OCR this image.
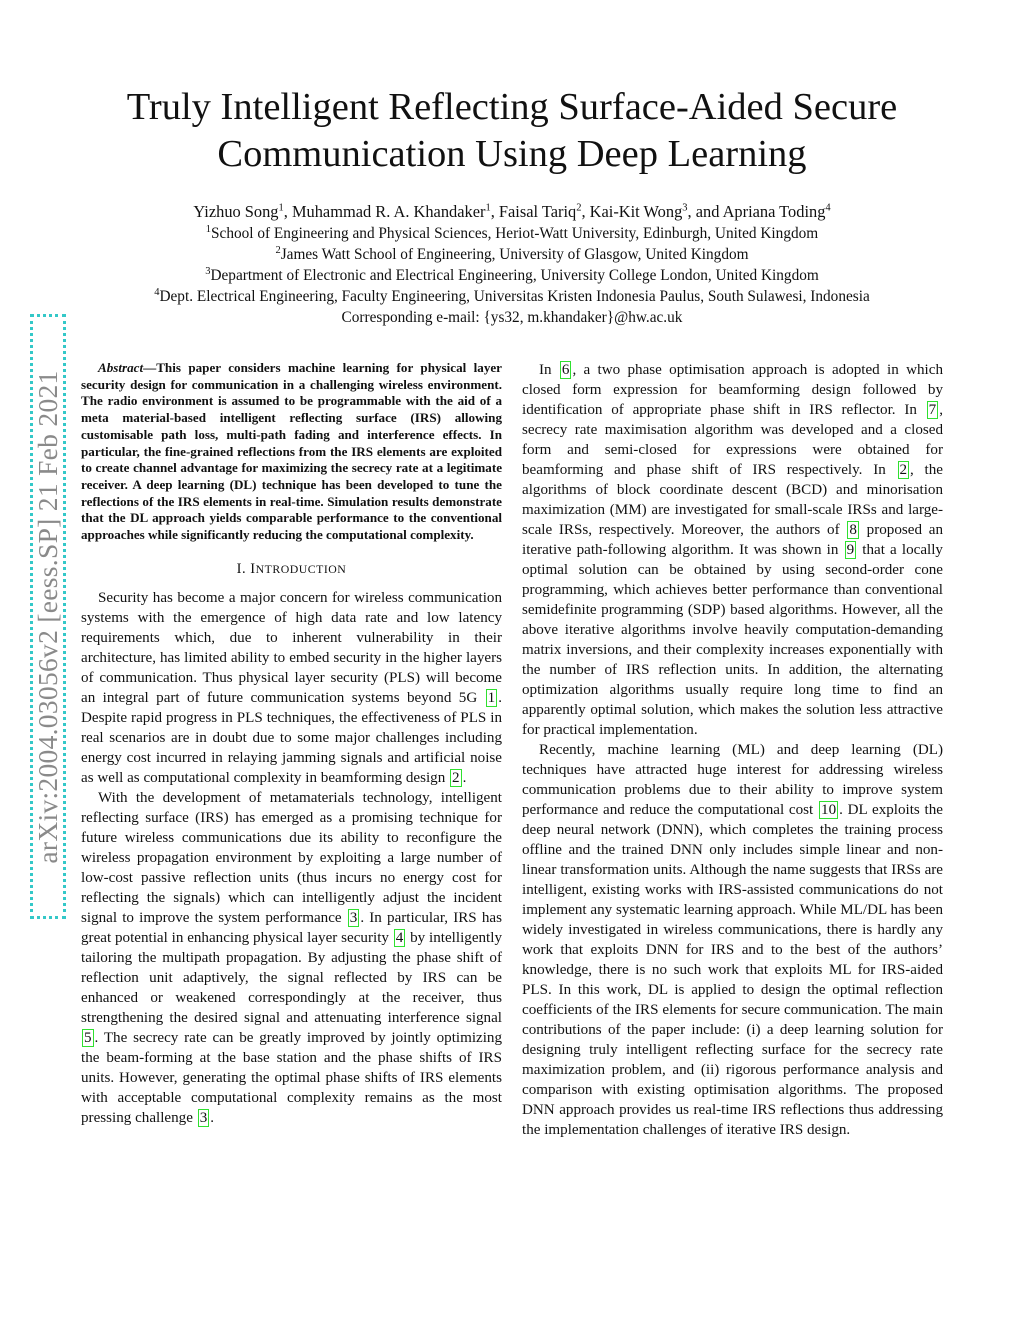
arXiv:2004.03056v2 [eess.SP] 21 Feb 2021
Truly Intelligent Reflecting Surface-Aided Secure
Communication Using Deep Learning
Yizhuo Song$^1$, Muhammad R. A. Khandaker$^1$, Faisal Tariq$^2$, Kai-Kit Wong$^3$, and Apriana Toding$^4$
$^1$School of Engineering and Physical Sciences, Heriot-Watt University, Edinburgh, United Kingdom
$^2$James Watt School of Engineering, University of Glasgow, United Kingdom
$^3$Department of Electronic and Electrical Engineering, University College London, United Kingdom
$^4$Dept. Electrical Engineering, Faculty Engineering, Universitas Kristen Indonesia Paulus, South Sulawesi, Indonesia
Corresponding e-mail: {ys32, m.khandaker}@hw.ac.uk

Abstract—This paper considers machine learning for physical layer security design for communication in a challenging wireless environment. The radio environment is assumed to be programmable with the aid of a meta material-based intelligent reflecting surface (IRS) allowing customisable path loss, multi-path fading and interference effects. In particular, the fine-grained reflections from the IRS elements are exploited to create channel advantage for maximizing the secrecy rate at a legitimate receiver. A deep learning (DL) technique has been developed to tune the reflections of the IRS elements in real-time. Simulation results demonstrate that the DL approach yields comparable performance to the conventional approaches while significantly reducing the computational complexity.

I. INTRODUCTION

Security has become a major concern for wireless communication systems with the emergence of high data rate and low latency requirements which, due to inherent vulnerability in their architecture, has limited ability to embed security in the higher layers of communication. Thus physical layer security (PLS) will become an integral part of future communication systems beyond 5G 1 . Despite rapid progress in PLS techniques, the effectiveness of PLS in real scenarios are in doubt due to some major challenges including energy cost incurred in relaying jamming signals and artificial noise as well as computational complexity in beamforming design 2 .

With the development of metamaterials technology, intelligent reflecting surface (IRS) has emerged as a promising technique for future wireless communications due its ability to reconfigure the wireless propagation environment by exploiting a large number of low-cost passive reflection units (thus incurs no energy cost for reflecting the signals) which can intelligently adjust the incident signal to improve the system performance 3 . In particular, IRS has great potential in enhancing physical layer security 4 by intelligently tailoring the multipath propagation. By adjusting the phase shift of reflection unit adaptively, the signal reflected by IRS can be enhanced or weakened correspondingly at the receiver, thus strengthening the desired signal and attenuating interference signal 5 . The secrecy rate can be greatly improved by jointly optimizing the beam-forming at the base station and the phase shifts of IRS units. However, generating the optimal phase shifts of IRS elements with acceptable computational complexity remains as the most pressing challenge 3 .

In 6 , a two phase optimisation approach is adopted in which closed form expression for beamforming design followed by identification of appropriate phase shift in IRS reflector. In 7 , secrecy rate maximisation algorithm was developed and a closed form and semi-closed for expressions were obtained for beamforming and phase shift of IRS respectively. In 2 , the algorithms of block coordinate descent (BCD) and minorisation maximization (MM) are investigated for small-scale IRSs and large-scale IRSs, respectively. Moreover, the authors of 8 proposed an iterative path-following algorithm. It was shown in 9 that a locally optimal solution can be obtained by using second-order cone programming, which achieves better performance than conventional semidefinite programming (SDP) based algorithms. However, all the above iterative algorithms involve heavily computation-demanding matrix inversions, and their complexity increases exponentially with the number of IRS reflection units. In addition, the alternating optimization algorithms usually require long time to find an apparently optimal solution, which makes the solution less attractive for practical implementation.

Recently, machine learning (ML) and deep learning (DL) techniques have attracted huge interest for addressing wireless communication problems due to their ability to improve system performance and reduce the computational cost 10 . DL exploits the deep neural network (DNN), which completes the training process offline and the trained DNN only includes simple linear and non-linear transformation units. Although the name suggests that IRSs are intelligent, existing works with IRS-assisted communications do not implement any systematic learning approach. While ML/DL has been widely investigated in wireless communications, there is hardly any work that exploits DNN for IRS and to the best of the authors’ knowledge, there is no such work that exploits ML for IRS-aided PLS. In this work, DL is applied to design the optimal reflection coefficients of the IRS elements for secure communication. The main contributions of the paper include: (i) a deep learning solution for designing truly intelligent reflecting surface for the secrecy rate maximization problem, and (ii) rigorous performance analysis and comparison with existing optimisation algorithms. The proposed DNN approach provides us real-time IRS reflections thus addressing the implementation challenges of iterative IRS design.
